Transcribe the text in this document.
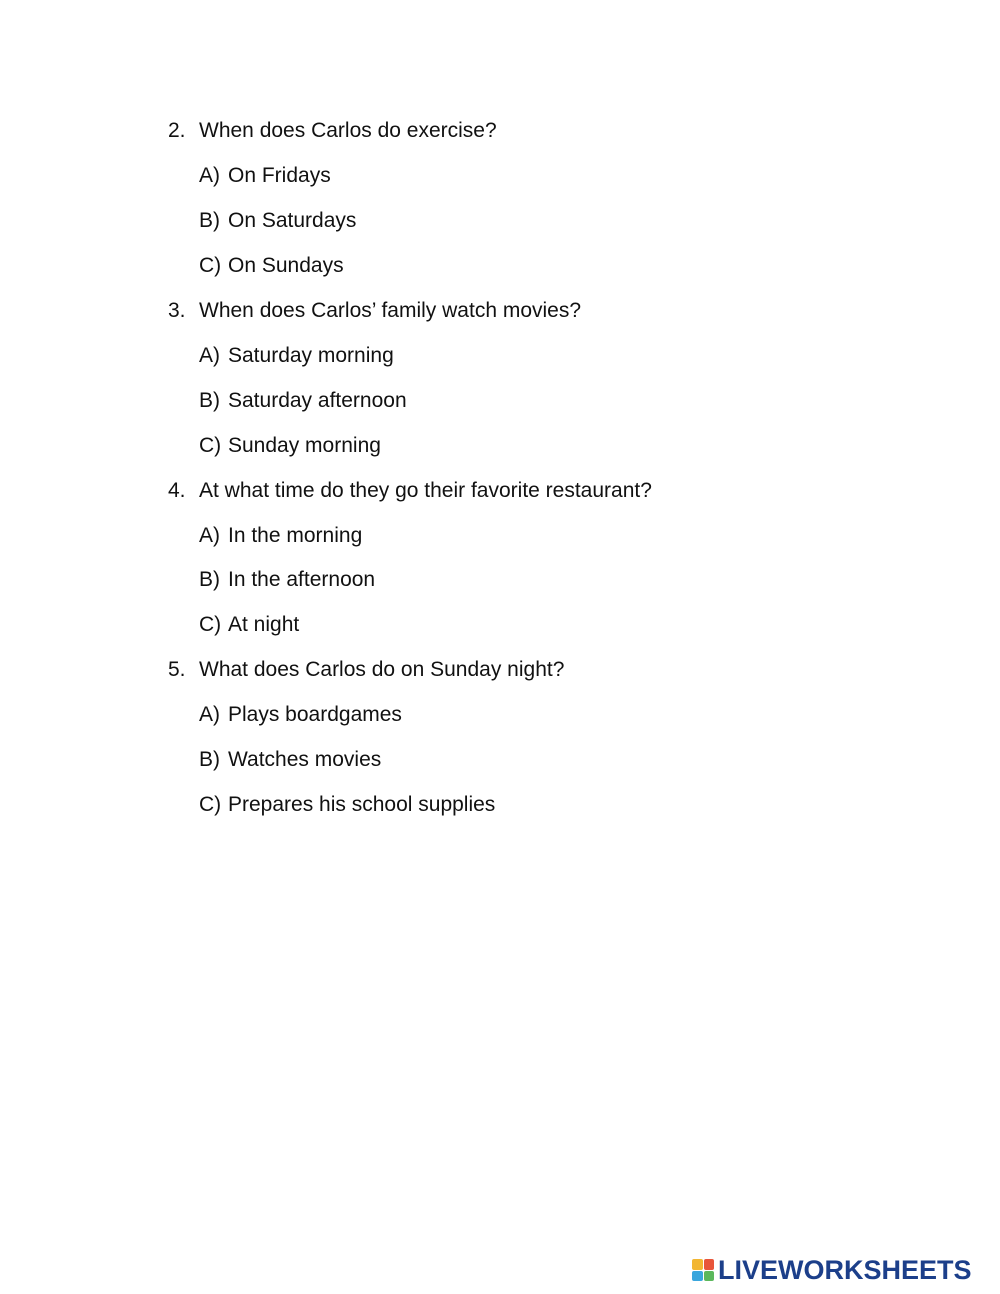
2. When does Carlos do exercise?
A) On Fridays
B) On Saturdays
C) On Sundays
3. When does Carlos’ family watch movies?
A) Saturday morning
B) Saturday afternoon
C) Sunday morning
4. At what time do they go their favorite restaurant?
A) In the morning
B) In the afternoon
C) At night
5. What does Carlos do on Sunday night?
A) Plays boardgames
B) Watches movies
C) Prepares his school supplies
LIVEWORKSHEETS
